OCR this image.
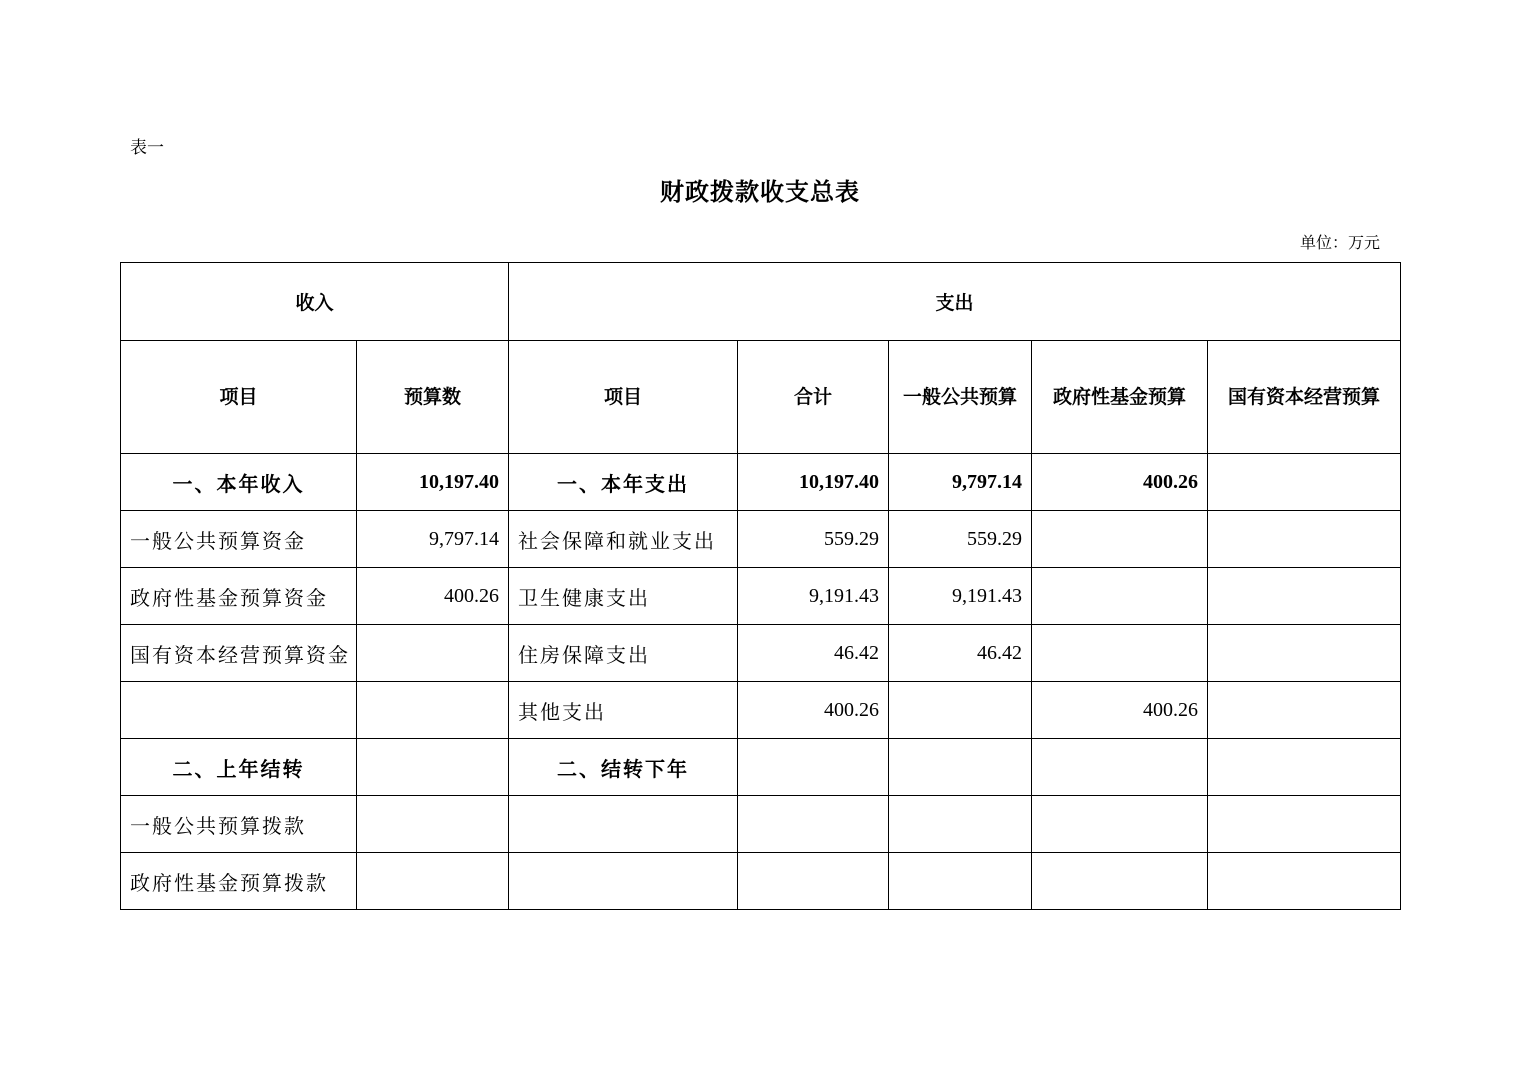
表一
财政拨款收支总表
单位：万元
收入		支出				
项目	预算数	项目	合计	一般公共预算	政府性基金预算	国有资本经营预算
一、本年收入	10,197.40	一、本年支出	10,197.40	9,797.14	400.26	
一般公共预算资金	9,797.14	社会保障和就业支出	559.29	559.29		
政府性基金预算资金	400.26	卫生健康支出	9,191.43	9,191.43		
国有资本经营预算资金		住房保障支出	46.42	46.42		
		其他支出	400.26		400.26	
二、上年结转		二、结转下年				
一般公共预算拨款						
政府性基金预算拨款						
